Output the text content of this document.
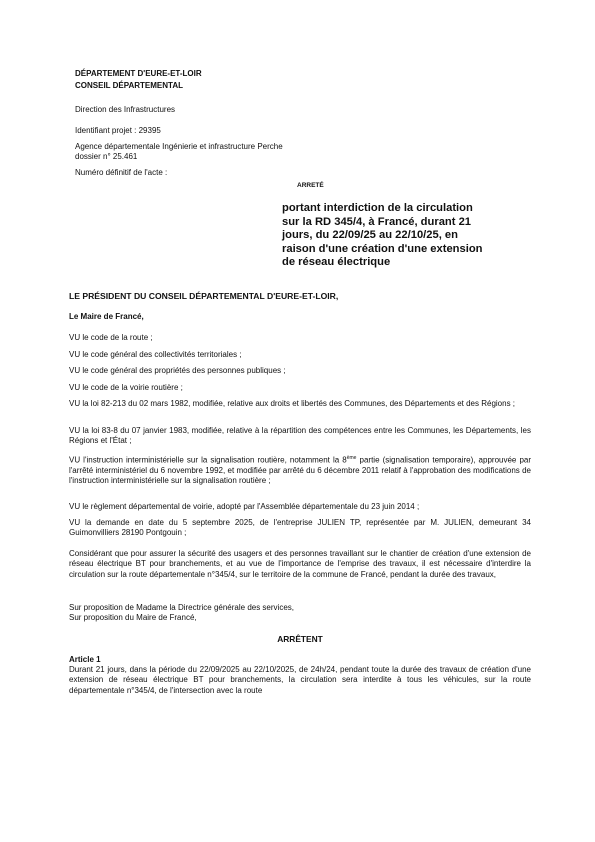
DÉPARTEMENT D'EURE-ET-LOIR
CONSEIL DÉPARTEMENTAL
Direction des Infrastructures
Identifiant projet : 29395
Agence départementale Ingénierie et infrastructure Perche
dossier n° 25.461
Numéro définitif de l'acte :
ARRETÉ
portant interdiction de la circulation sur la RD 345/4, à Francé, durant 21 jours, du 22/09/25 au 22/10/25, en raison d'une création d'une extension de réseau électrique
LE PRÉSIDENT DU CONSEIL DÉPARTEMENTAL D'EURE-ET-LOIR,
Le Maire de Francé,
VU le code de la route ;
VU le code général des collectivités territoriales ;
VU le code général des propriétés des personnes publiques ;
VU le code de la voirie routière ;
VU la loi 82-213 du 02 mars 1982, modifiée, relative aux droits et libertés des Communes, des Départements et des Régions ;
VU la loi 83-8 du 07 janvier 1983, modifiée, relative à la répartition des compétences entre les Communes, les Départements, les Régions et l'État ;
VU l'instruction interministérielle sur la signalisation routière, notamment la 8ème partie (signalisation temporaire), approuvée par l'arrêté interministériel du 6 novembre 1992, et modifiée par arrêté du 6 décembre 2011 relatif à l'approbation des modifications de l'instruction interministérielle sur la signalisation routière ;
VU le règlement départemental de voirie, adopté par l'Assemblée départementale du 23 juin 2014 ;
VU la demande en date du 5 septembre 2025, de l'entreprise JULIEN TP, représentée par M. JULIEN, demeurant 34 Guimonvilliers 28190 Pontgouin ;
Considérant que pour assurer la sécurité des usagers et des personnes travaillant sur le chantier de création d'une extension de réseau électrique BT pour branchements, et au vue de l'importance de l'emprise des travaux, il est nécessaire d'interdire la circulation sur la route départementale n°345/4, sur le territoire de la commune de Francé, pendant la durée des travaux,
Sur proposition de Madame la Directrice générale des services,
Sur proposition du Maire de Francé,
ARRÊTENT
Article 1
Durant 21 jours, dans la période du 22/09/2025 au 22/10/2025, de 24h/24, pendant toute la durée des travaux de création d'une extension de réseau électrique BT pour branchements, la circulation sera interdite à tous les véhicules, sur la route départementale n°345/4, de l'intersection avec la route
